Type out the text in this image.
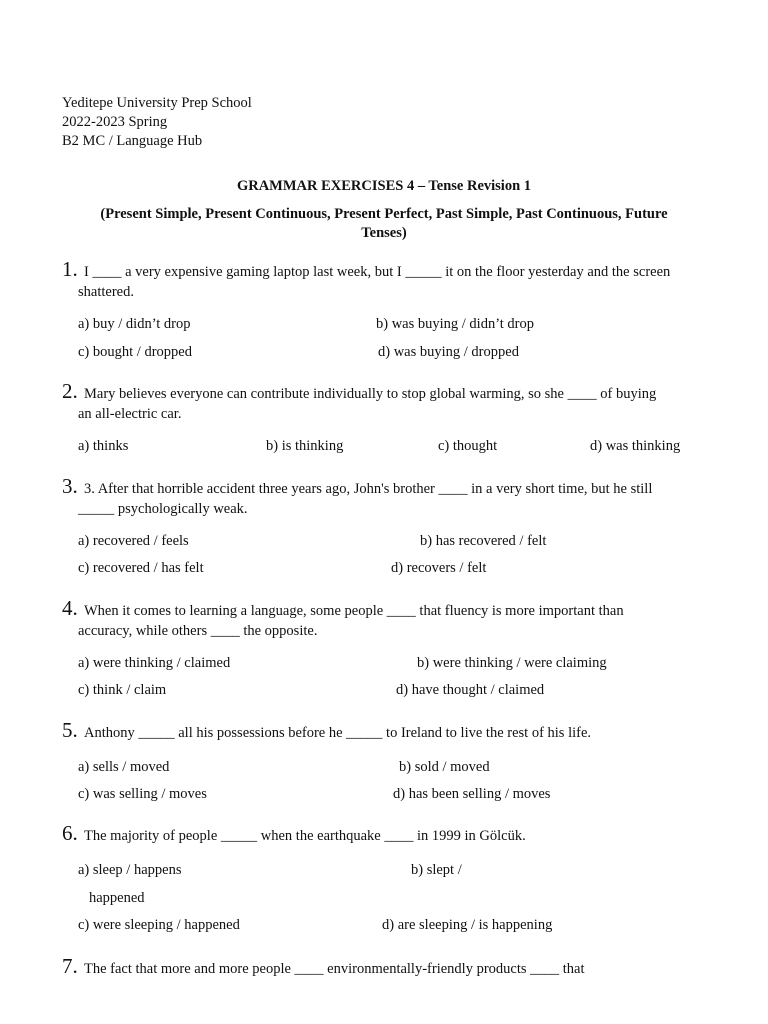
Yeditepe University Prep School
2022-2023 Spring
B2 MC / Language Hub
GRAMMAR EXERCISES 4 – Tense Revision 1
(Present Simple, Present Continuous, Present Perfect, Past Simple, Past Continuous, Future Tenses)
1. I ____ a very expensive gaming laptop last week, but I _____ it on the floor yesterday and the screen
shattered.
a) buy / didn’t drop	b) was buying / didn’t drop
c) bought / dropped	d) was buying / dropped
2. Mary believes everyone can contribute individually to stop global warming, so she ____ of buying
an all-electric car.
a) thinks	b) is thinking	c) thought	d) was thinking
3. 3. After that horrible accident three years ago, John's brother ____ in a very short time, but he still
_____ psychologically weak.
a) recovered / feels	b) has recovered / felt
c) recovered / has felt	d) recovers / felt
4. When it comes to learning a language, some people ____ that fluency is more important than
accuracy, while others ____ the opposite.
a) were thinking / claimed	b) were thinking / were claiming
c) think / claim	d) have thought / claimed
5. Anthony _____ all his possessions before he _____ to Ireland to live the rest of his life.
a) sells / moved	b) sold / moved
c) was selling / moves	d) has been selling / moves
6. The majority of people _____ when the earthquake ____ in 1999 in Gölcük.
a) sleep / happens	b) slept /
happened
c) were sleeping / happened	d) are sleeping / is happening
7. The fact that more and more people ____ environmentally-friendly products ____ that
